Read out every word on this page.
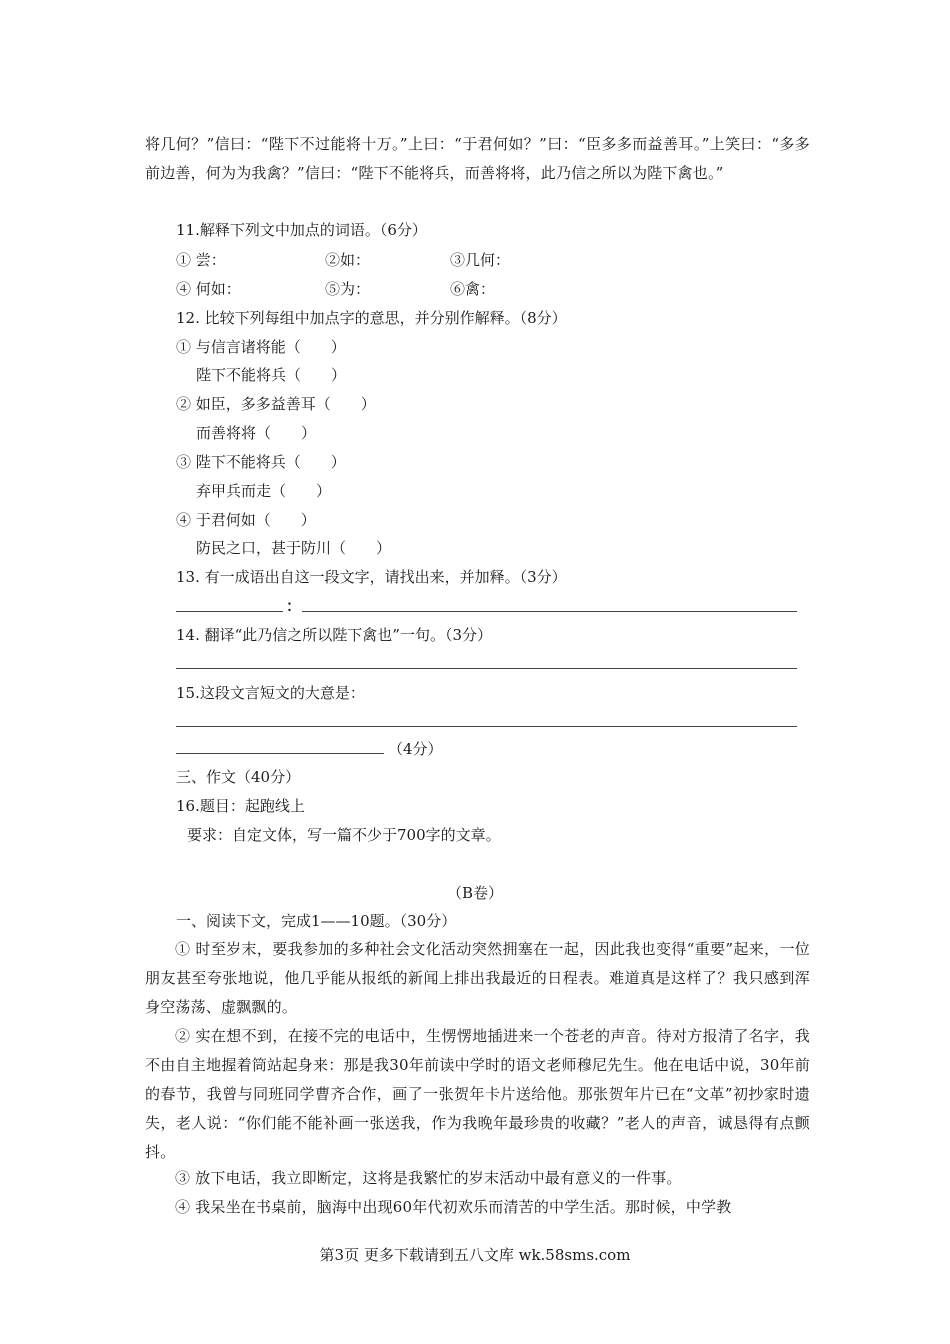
将几何？”信曰：“陛下不过能将十万。”上曰：“于君何如？”曰：“臣多多而益善耳。”上笑曰：“多多前边善，何为为我禽？”信曰：“陛下不能将兵，而善将将，此乃信之所以为陛下禽也。”
11.解释下列文中加点的词语。（6分）
① 尝：	②如：	③几何：
④ 何如：	⑤为：	⑥禽：
12. 比较下列每组中加点字的意思，并分别作解释。（8分）
① 与信言诸将能（　　）
陛下不能将兵（　　）
② 如臣，多多益善耳（　　）
而善将将（　　）
③ 陛下不能将兵（　　）
弃甲兵而走（　　）
④ 于君何如（　　）
防民之口，甚于防川（　　）
13. 有一成语出自这一段文字，请找出来，并加释。（3分）
：
14. 翻译“此乃信之所以陛下禽也”一句。（3分）
15.这段文言短文的大意是：
（4分）
三、作文（40分）
16.题目：起跑线上
要求：自定文体，写一篇不少于700字的文章。
（B卷）
一、阅读下文，完成1——10题。（30分）
① 时至岁末，要我参加的多种社会文化活动突然拥塞在一起，因此我也变得“重要”起来，一位朋友甚至夸张地说，他几乎能从报纸的新闻上排出我最近的日程表。难道真是这样了？我只感到浑身空荡荡、虚飘飘的。
② 实在想不到，在接不完的电话中，生愣愣地插进来一个苍老的声音。待对方报清了名字，我不由自主地握着筒站起身来：那是我30年前读中学时的语文老师穆尼先生。他在电话中说，30年前的春节，我曾与同班同学曹齐合作，画了一张贺年卡片送给他。那张贺年片已在“文革”初抄家时遗失，老人说：“你们能不能补画一张送我，作为我晚年最珍贵的收藏？”老人的声音，诚恳得有点颤抖。
③ 放下电话，我立即断定，这将是我繁忙的岁末活动中最有意义的一件事。
④ 我呆坐在书桌前，脑海中出现60年代初欢乐而清苦的中学生活。那时候，中学教
第3页 更多下载请到五八文库 wk.58sms.com
